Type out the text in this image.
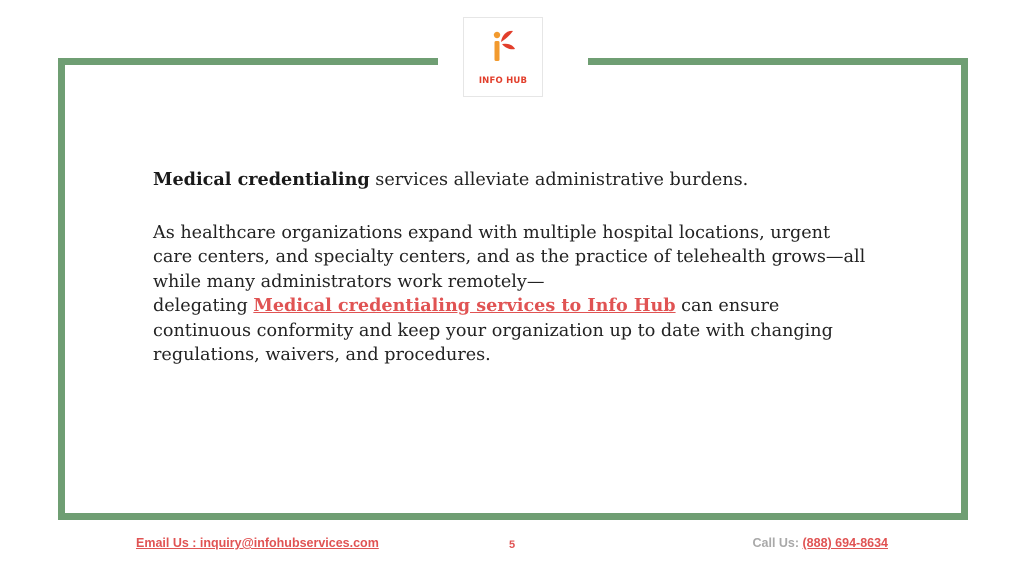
INFO HUB

Medical credentialing services alleviate administrative burdens.

As healthcare organizations expand with multiple hospital locations, urgent care centers, and specialty centers, and as the practice of telehealth grows—all while many administrators work remotely—
delegating Medical credentialing services to Info Hub can ensure continuous conformity and keep your organization up to date with changing regulations, waivers, and procedures.

Email Us : inquiry@infohubservices.com	5	Call Us: (888) 694-8634
